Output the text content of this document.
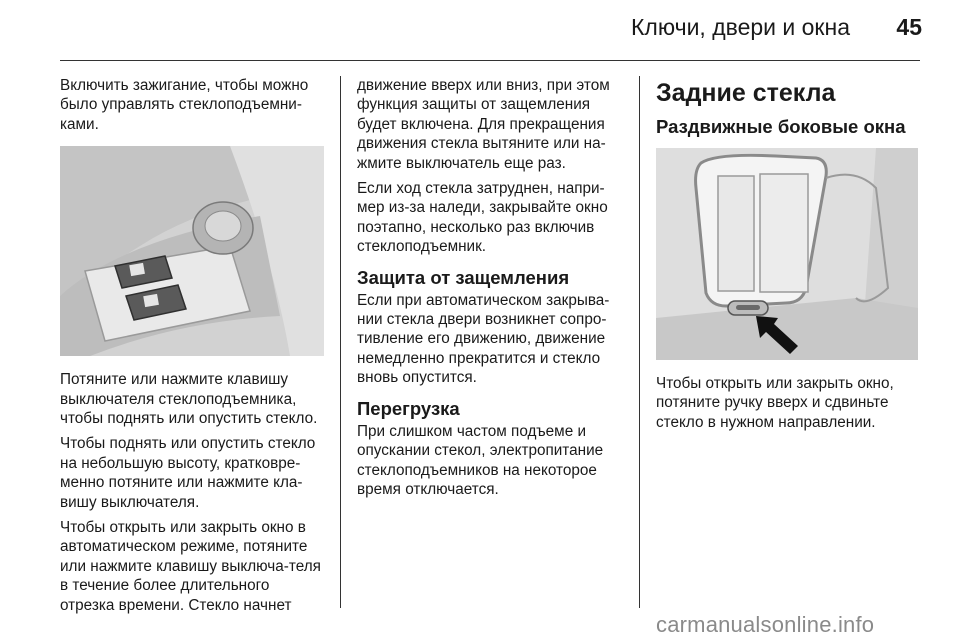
Ключи, двери и окна	45

Включить зажигание, чтобы можно было управлять стеклоподъемни-ками.

Потяните или нажмите клавишу выключателя стеклоподъемника, чтобы поднять или опустить стекло.

Чтобы поднять или опустить стекло на небольшую высоту, кратковре-менно потяните или нажмите кла-вишу выключателя.

Чтобы открыть или закрыть окно в автоматическом режиме, потяните или нажмите клавишу выключа-теля в течение более длительного отрезка времени. Стекло начнет

движение вверх или вниз, при этом функция защиты от защемления будет включена. Для прекращения движения стекла вытяните или на-жмите выключатель еще раз.

Если ход стекла затруднен, напри-мер из-за наледи, закрывайте окно поэтапно, несколько раз включив стеклоподъемник.

Защита от защемления

Если при автоматическом закрыва-нии стекла двери возникнет сопро-тивление его движению, движение немедленно прекратится и стекло вновь опустится.

Перегрузка

При слишком частом подъеме и опускании стекол, электропитание стеклоподъемников на некоторое время отключается.

Задние стекла
Раздвижные боковые окна

Чтобы открыть или закрыть окно, потяните ручку вверх и сдвиньте стекло в нужном направлении.

carmanualsonline.info
